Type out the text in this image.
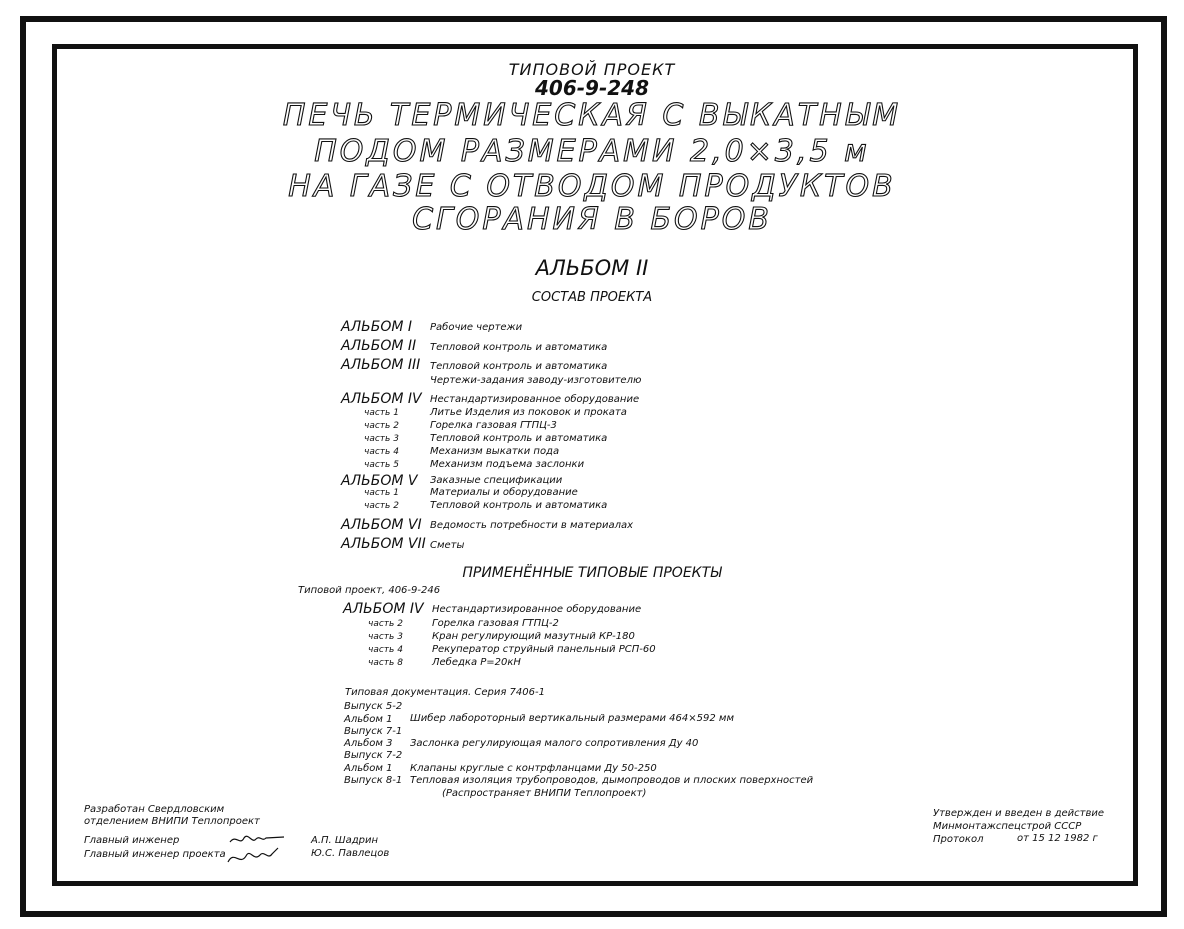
ТИПОВОЙ ПРОЕКТ
406-9-248
ПЕЧЬ ТЕРМИЧЕСКАЯ С ВЫКАТНЫМ
ПОДОМ РАЗМЕРАМИ 2,0×3,5 м
НА ГАЗЕ С ОТВОДОМ ПРОДУКТОВ
СГОРАНИЯ В БОРОВ
АЛЬБОМ II
СОСТАВ ПРОЕКТА
АЛЬБОМ I Рабочие чертежи
АЛЬБОМ II Тепловой контроль и автоматика
АЛЬБОМ III Тепловой контроль и автоматика
Чертежи-задания заводу-изготовителю
АЛЬБОМ IV Нестандартизированное оборудование
часть 1	Литье Изделия из поковок и проката
часть 2	Горелка газовая ГТПЦ-3
часть 3	Тепловой контроль и автоматика
часть 4	Механизм выкатки пода
часть 5	Механизм подъема заслонки
АЛЬБОМ V Заказные спецификации
часть 1	Материалы и оборудование
часть 2	Тепловой контроль и автоматика
АЛЬБОМ VI Ведомость потребности в материалах
АЛЬБОМ VII Сметы
ПРИМЕНЁННЫЕ ТИПОВЫЕ ПРОЕКТЫ
Типовой проект, 406-9-246
АЛЬБОМ IV Нестандартизированное оборудование
часть 2	Горелка газовая ГТПЦ-2
часть 3	Кран регулирующий мазутный КР-180
часть 4	Рекуператор струйный панельный РСП-60
часть 8	Лебедка Р=20кН
Типовая документация. Серия 7406-1
Выпуск 5-2
Альбом 1 Шибер лабороторный вертикальный размерами 464×592 мм
Выпуск 7-1
Альбом 3 Заслонка регулирующая малого сопротивления Ду 40
Выпуск 7-2
Альбом 1 Клапаны круглые с контрфланцами Ду 50-250
Выпуск 8-1 Тепловая изоляция трубопроводов, дымопроводов и плоских поверхностей
(Распространяет ВНИПИ Теплопроект)
Разработан Свердловским
отделением ВНИПИ Теплопроект
Главный инженер	А.П. Шадрин
Главный инженер проекта	Ю.С. Павлецов
Утвержден и введен в действие
Минмонтажспецстрой СССР
Протокол	от 15 12 1982 г
